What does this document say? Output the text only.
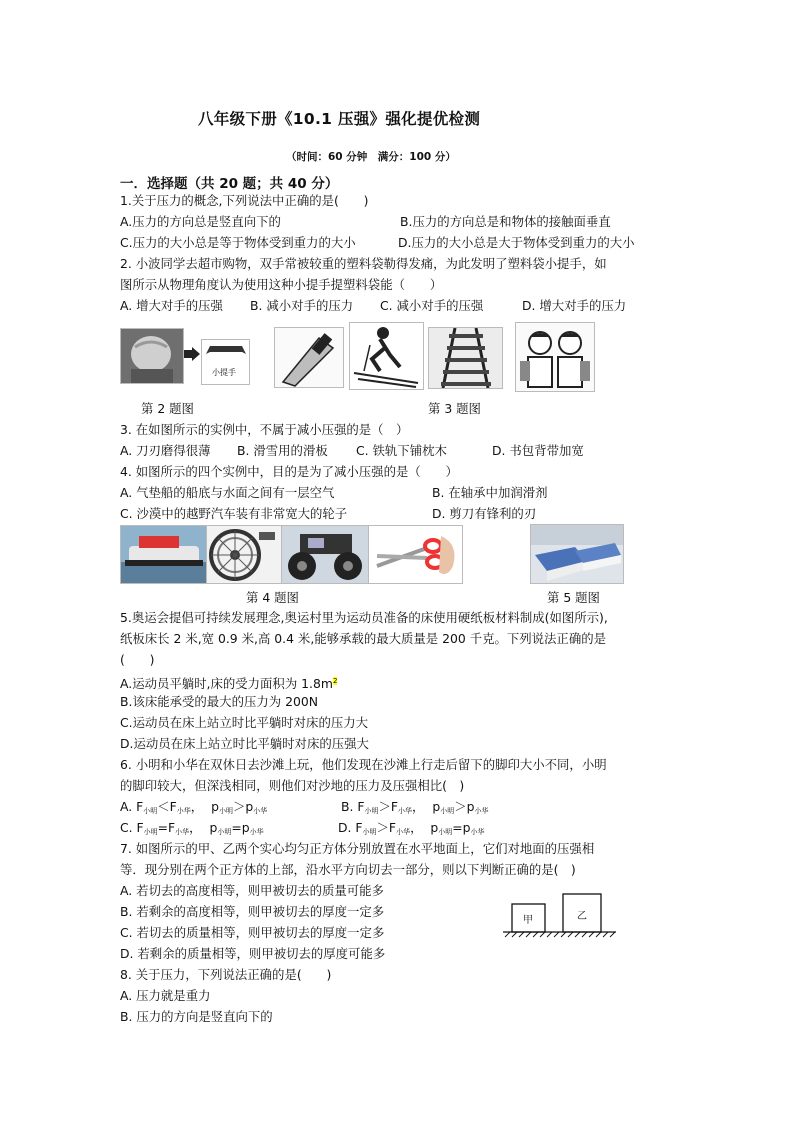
八年级下册《10.1 压强》强化提优检测
（时间：60 分钟　满分：100 分）
一．选择题（共 20 题；共 40 分）
1.关于压力的概念,下列说法中正确的是(　　)
A.压力的方向总是竖直向下的	B.压力的方向总是和物体的接触面垂直
C.压力的大小总是等于物体受到重力的大小	D.压力的大小总是大于物体受到重力的大小
2. 小波同学去超市购物，双手常被较重的塑料袋勒得发痛，为此发明了塑料袋小提手，如
图所示从物理角度认为使用这种小提手提塑料袋能（　　）
A. 增大对手的压强 B. 减小对手的压力 C. 减小对手的压强	D. 增大对手的压力
小提手
第 2 题图	第 3 题图
3. 在如图所示的实例中，不属于减小压强的是（　）
A. 刀刃磨得很薄 B. 滑雪用的滑板 C. 铁轨下铺枕木	D. 书包背带加宽
4. 如图所示的四个实例中，目的是为了减小压强的是（　　）
A. 气垫船的船底与水面之间有一层空气	B. 在轴承中加润滑剂
C. 沙漠中的越野汽车装有非常宽大的轮子	D. 剪刀有锋利的刃
第 4 题图	第 5 题图
5.奥运会提倡可持续发展理念,奥运村里为运动员准备的床使用硬纸板材料制成(如图所示),
纸板床长 2 米,宽 0.9 米,高 0.4 米,能够承载的最大质量是 200 千克。下列说法正确的是
(　　)
A.运动员平躺时,床的受力面积为 $1.8m^2$
B.该床能承受的最大的压力为 200N
C.运动员在床上站立时比平躺时对床的压力大
D.运动员在床上站立时比平躺时对床的压强大
6. 小明和小华在双休日去沙滩上玩，他们发现在沙滩上行走后留下的脚印大小不同，小明
的脚印较大，但深浅相同，则他们对沙地的压力及压强相比(　)
A. $F_{小明}<F_{小华}$， $p_{小明}>p_{小华}$	B. $F_{小明}>F_{小华}$， $p_{小明}>p_{小华}$
C. $F_{小明}=F_{小华}$， $p_{小明}=p_{小华}$	D. $F_{小明}>F_{小华}$， $p_{小明}=p_{小华}$
7. 如图所示的甲、乙两个实心均匀正方体分别放置在水平地面上，它们对地面的压强相
等．现分别在两个正方体的上部，沿水平方向切去一部分，则以下判断正确的是(　)
A. 若切去的高度相等，则甲被切去的质量可能多
B. 若剩余的高度相等，则甲被切去的厚度一定多
C. 若切去的质量相等，则甲被切去的厚度一定多
D. 若剩余的质量相等，则甲被切去的厚度可能多
甲	乙
8. 关于压力，下列说法正确的是(　　)
A. 压力就是重力
B. 压力的方向是竖直向下的
